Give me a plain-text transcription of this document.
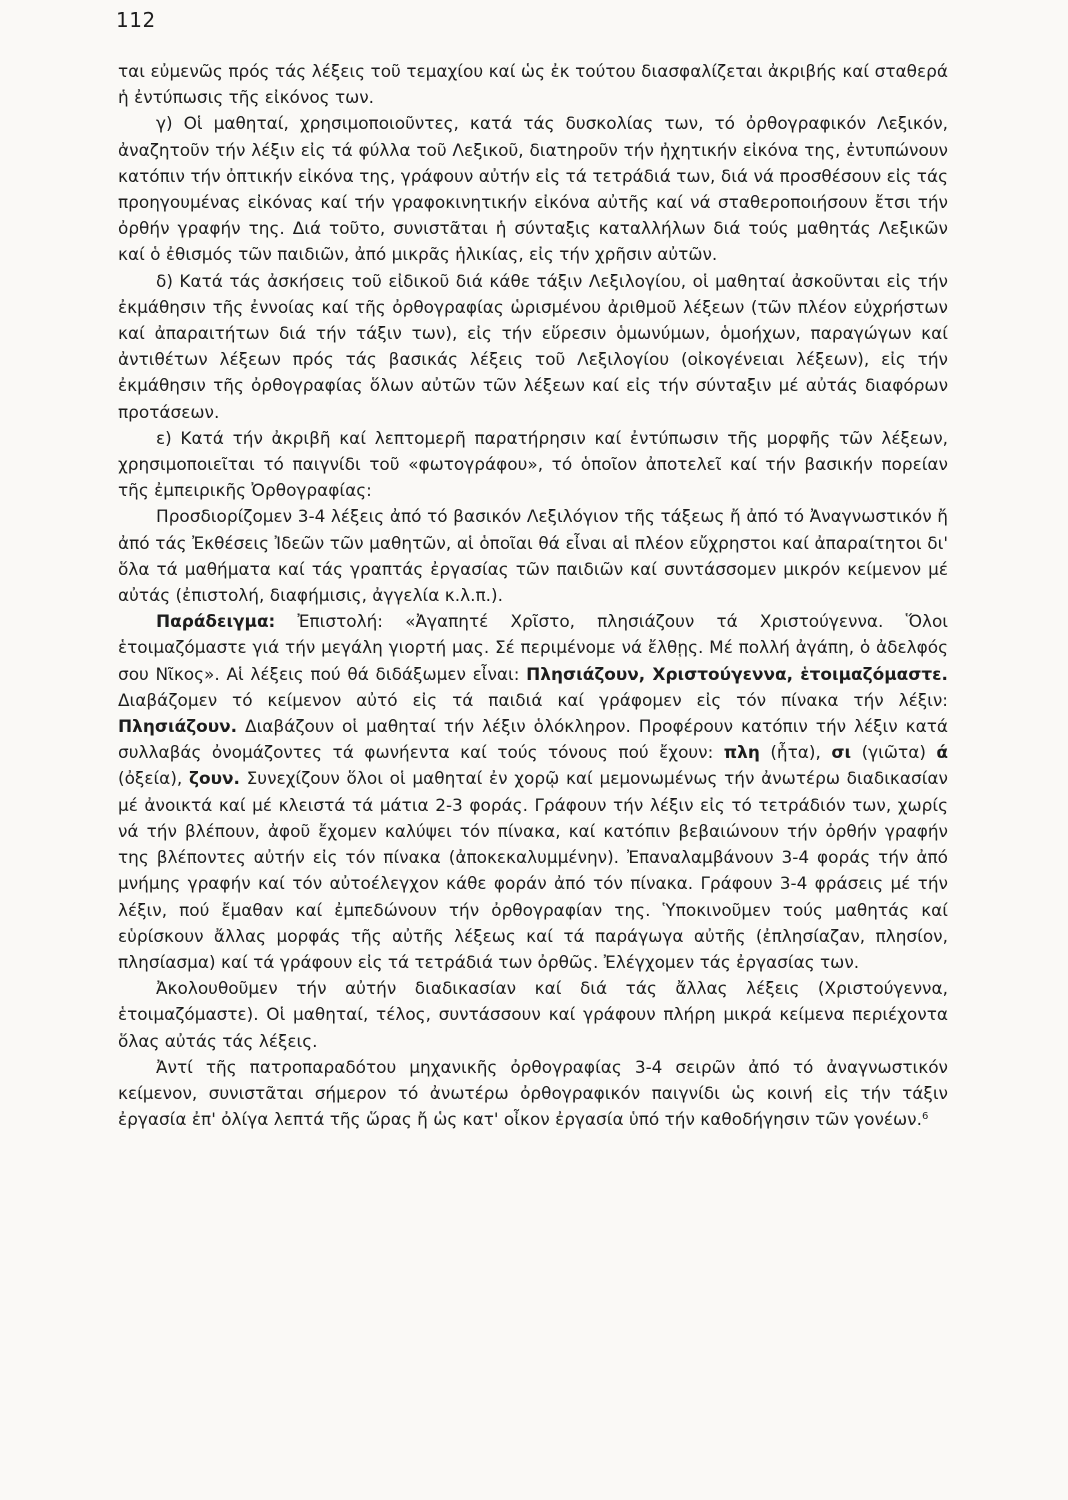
112

ται εὐμενῶς πρός τάς λέξεις τοῦ τεμαχίου καί ὡς ἐκ τούτου διασφαλίζεται ἀκριβής καί σταθερά ἡ ἐντύπωσις τῆς εἰκόνος των.

γ) Οἱ μαθηταί, χρησιμοποιοῦντες, κατά τάς δυσκολίας των, τό ὀρθογραφικόν Λεξικόν, ἀναζητοῦν τήν λέξιν εἰς τά φύλλα τοῦ Λεξικοῦ, διατηροῦν τήν ἠχητικήν εἰκόνα της, ἐντυπώνουν κατόπιν τήν ὀπτικήν εἰκόνα της, γράφουν αὐτήν εἰς τά τετράδιά των, διά νά προσθέσουν εἰς τάς προηγουμένας εἰκόνας καί τήν γραφοκινητικήν εἰκόνα αὐτῆς καί νά σταθεροποιήσουν ἔτσι τήν ὀρθήν γραφήν της. Διά τοῦτο, συνιστᾶται ἡ σύνταξις καταλλήλων διά τούς μαθητάς Λεξικῶν καί ὁ ἐθισμός τῶν παιδιῶν, ἀπό μικρᾶς ἡλικίας, εἰς τήν χρῆσιν αὐτῶν.

δ) Κατά τάς ἀσκήσεις τοῦ εἰδικοῦ διά κάθε τάξιν Λεξιλογίου, οἱ μαθηταί ἀσκοῦνται εἰς τήν ἐκμάθησιν τῆς ἐννοίας καί τῆς ὀρθογραφίας ὡρισμένου ἀριθμοῦ λέξεων (τῶν πλέον εὐχρήστων καί ἀπαραιτήτων διά τήν τάξιν των), εἰς τήν εὕρεσιν ὁμωνύμων, ὁμοήχων, παραγώγων καί ἀντιθέτων λέξεων πρός τάς βασικάς λέξεις τοῦ Λεξιλογίου (οἰκογένειαι λέξεων), εἰς τήν ἐκμάθησιν τῆς ὀρθογραφίας ὅλων αὐτῶν τῶν λέξεων καί εἰς τήν σύνταξιν μέ αὐτάς διαφόρων προτάσεων.

ε) Κατά τήν ἀκριβῆ καί λεπτομερῆ παρατήρησιν καί ἐντύπωσιν τῆς μορφῆς τῶν λέξεων, χρησιμοποιεῖται τό παιγνίδι τοῦ «φωτογράφου», τό ὁποῖον ἀποτελεῖ καί τήν βασικήν πορείαν τῆς ἐμπειρικῆς Ὀρθογραφίας:

Προσδιορίζομεν 3-4 λέξεις ἀπό τό βασικόν Λεξιλόγιον τῆς τάξεως ἤ ἀπό τό Ἀναγνωστικόν ἤ ἀπό τάς Ἐκθέσεις Ἰδεῶν τῶν μαθητῶν, αἱ ὁποῖαι θά εἶναι αἱ πλέον εὔχρηστοι καί ἀπαραίτητοι δι' ὅλα τά μαθήματα καί τάς γραπτάς ἐργασίας τῶν παιδιῶν καί συντάσσομεν μικρόν κείμενον μέ αὐτάς (ἐπιστολή, διαφήμισις, ἀγγελία κ.λ.π.).

Παράδειγμα: Ἐπιστολή: «Ἀγαπητέ Χρῖστο, πλησιάζουν τά Χριστούγεννα. Ὅλοι ἑτοιμαζόμαστε γιά τήν μεγάλη γιορτή μας. Σέ περιμένομε νά ἔλθῃς. Μέ πολλή ἀγάπη, ὁ ἀδελφός σου Νῖκος». Αἱ λέξεις πού θά διδάξωμεν εἶναι: Πλησιάζουν, Χριστούγεννα, ἑτοιμαζόμαστε. Διαβάζομεν τό κείμενον αὐτό εἰς τά παιδιά καί γράφομεν εἰς τόν πίνακα τήν λέξιν: Πλησιάζουν. Διαβάζουν οἱ μαθηταί τήν λέξιν ὁλόκληρον. Προφέρουν κατόπιν τήν λέξιν κατά συλλαβάς ὀνομάζοντες τά φωνήεντα καί τούς τόνους πού ἔχουν: πλη (ἦτα), σι (γιῶτα) ά (ὀξεία), ζουν. Συνεχίζουν ὅλοι οἱ μαθηταί ἐν χορῷ καί μεμονωμένως τήν ἀνωτέρω διαδικασίαν μέ ἀνοικτά καί μέ κλειστά τά μάτια 2-3 φοράς. Γράφουν τήν λέξιν εἰς τό τετράδιόν των, χωρίς νά τήν βλέπουν, ἀφοῦ ἔχομεν καλύψει τόν πίνακα, καί κατόπιν βεβαιώνουν τήν ὀρθήν γραφήν της βλέποντες αὐτήν εἰς τόν πίνακα (ἀποκεκαλυμμένην). Ἐπαναλαμβάνουν 3-4 φοράς τήν ἀπό μνήμης γραφήν καί τόν αὐτοέλεγχον κάθε φοράν ἀπό τόν πίνακα. Γράφουν 3-4 φράσεις μέ τήν λέξιν, πού ἔμαθαν καί ἐμπεδώνουν τήν ὀρθογραφίαν της. Ὑποκινοῦμεν τούς μαθητάς καί εὑρίσκουν ἄλλας μορφάς τῆς αὐτῆς λέξεως καί τά παράγωγα αὐτῆς (ἐπλησίαζαν, πλησίον, πλησίασμα) καί τά γράφουν εἰς τά τετράδιά των ὀρθῶς. Ἐλέγχομεν τάς ἐργασίας των.

Ἀκολουθοῦμεν τήν αὐτήν διαδικασίαν καί διά τάς ἄλλας λέξεις (Χριστούγεννα, ἑτοιμαζόμαστε). Οἱ μαθηταί, τέλος, συντάσσουν καί γράφουν πλήρη μικρά κείμενα περιέχοντα ὅλας αὐτάς τάς λέξεις.

Ἀντί τῆς πατροπαραδότου μηχανικῆς ὀρθογραφίας 3-4 σειρῶν ἀπό τό ἀναγνωστικόν κείμενον, συνιστᾶται σήμερον τό ἀνωτέρω ὀρθογραφικόν παιγνίδι ὡς κοινή εἰς τήν τάξιν ἐργασία ἐπ' ὀλίγα λεπτά τῆς ὥρας ἤ ὡς κατ' οἶκον ἐργασία ὑπό τήν καθοδήγησιν τῶν γονέων.$^6$
